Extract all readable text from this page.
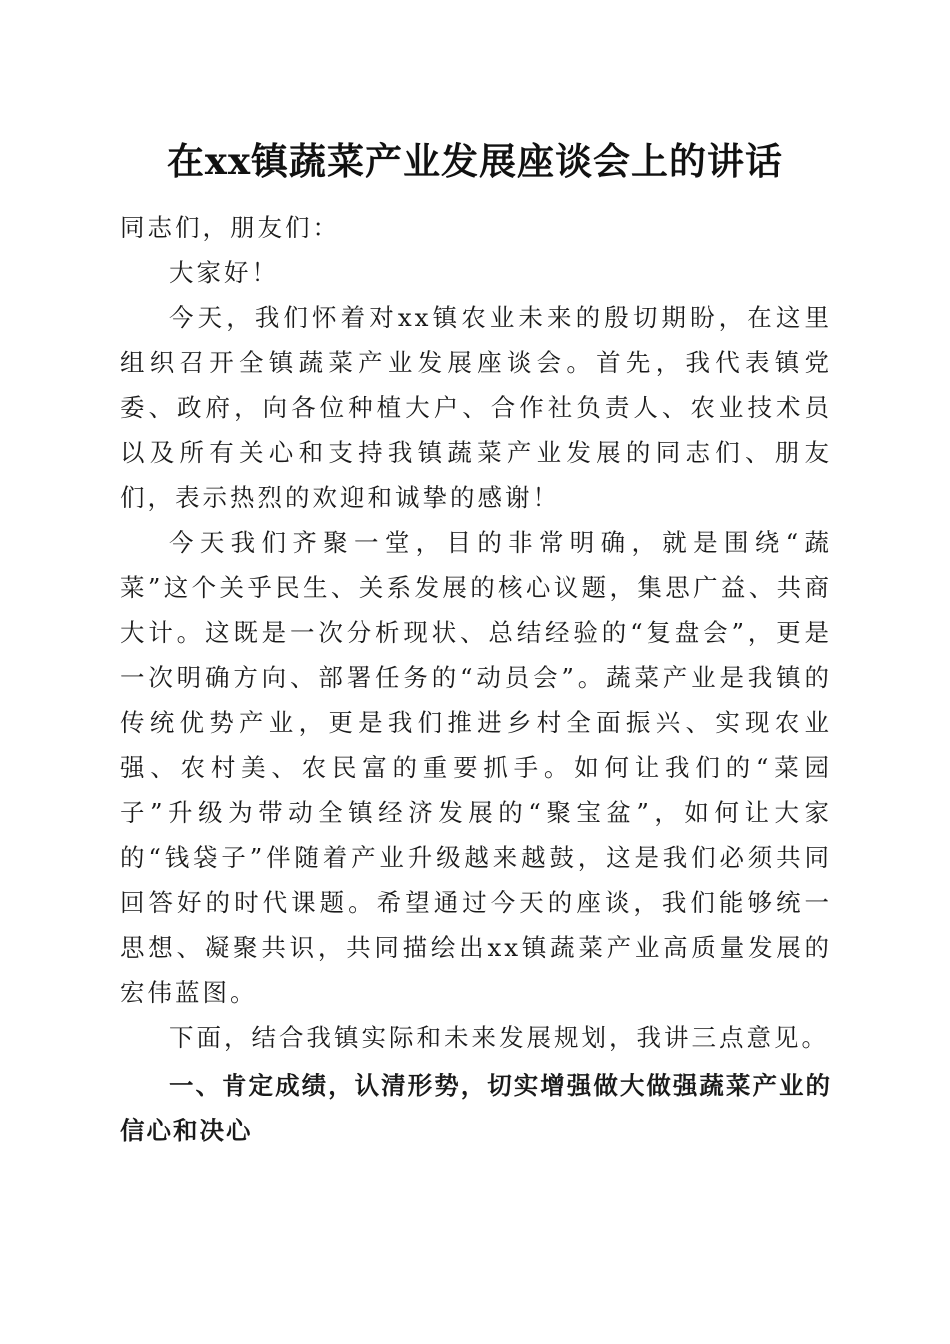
在xx镇蔬菜产业发展座谈会上的讲话

同志们，朋友们：

大家好！

今天，我们怀着对xx镇农业未来的殷切期盼，在这里组织召开全镇蔬菜产业发展座谈会。首先，我代表镇党委、政府，向各位种植大户、合作社负责人、农业技术员以及所有关心和支持我镇蔬菜产业发展的同志们、朋友们，表示热烈的欢迎和诚挚的感谢！

今天我们齐聚一堂，目的非常明确，就是围绕“蔬菜”这个关乎民生、关系发展的核心议题，集思广益、共商大计。这既是一次分析现状、总结经验的“复盘会”，更是一次明确方向、部署任务的“动员会”。蔬菜产业是我镇的传统优势产业，更是我们推进乡村全面振兴、实现农业强、农村美、农民富的重要抓手。如何让我们的“菜园子”升级为带动全镇经济发展的“聚宝盆”，如何让大家的“钱袋子”伴随着产业升级越来越鼓，这是我们必须共同回答好的时代课题。希望通过今天的座谈，我们能够统一思想、凝聚共识，共同描绘出xx镇蔬菜产业高质量发展的宏伟蓝图。

下面，结合我镇实际和未来发展规划，我讲三点意见。

一、肯定成绩，认清形势，切实增强做大做强蔬菜产业的信心和决心
